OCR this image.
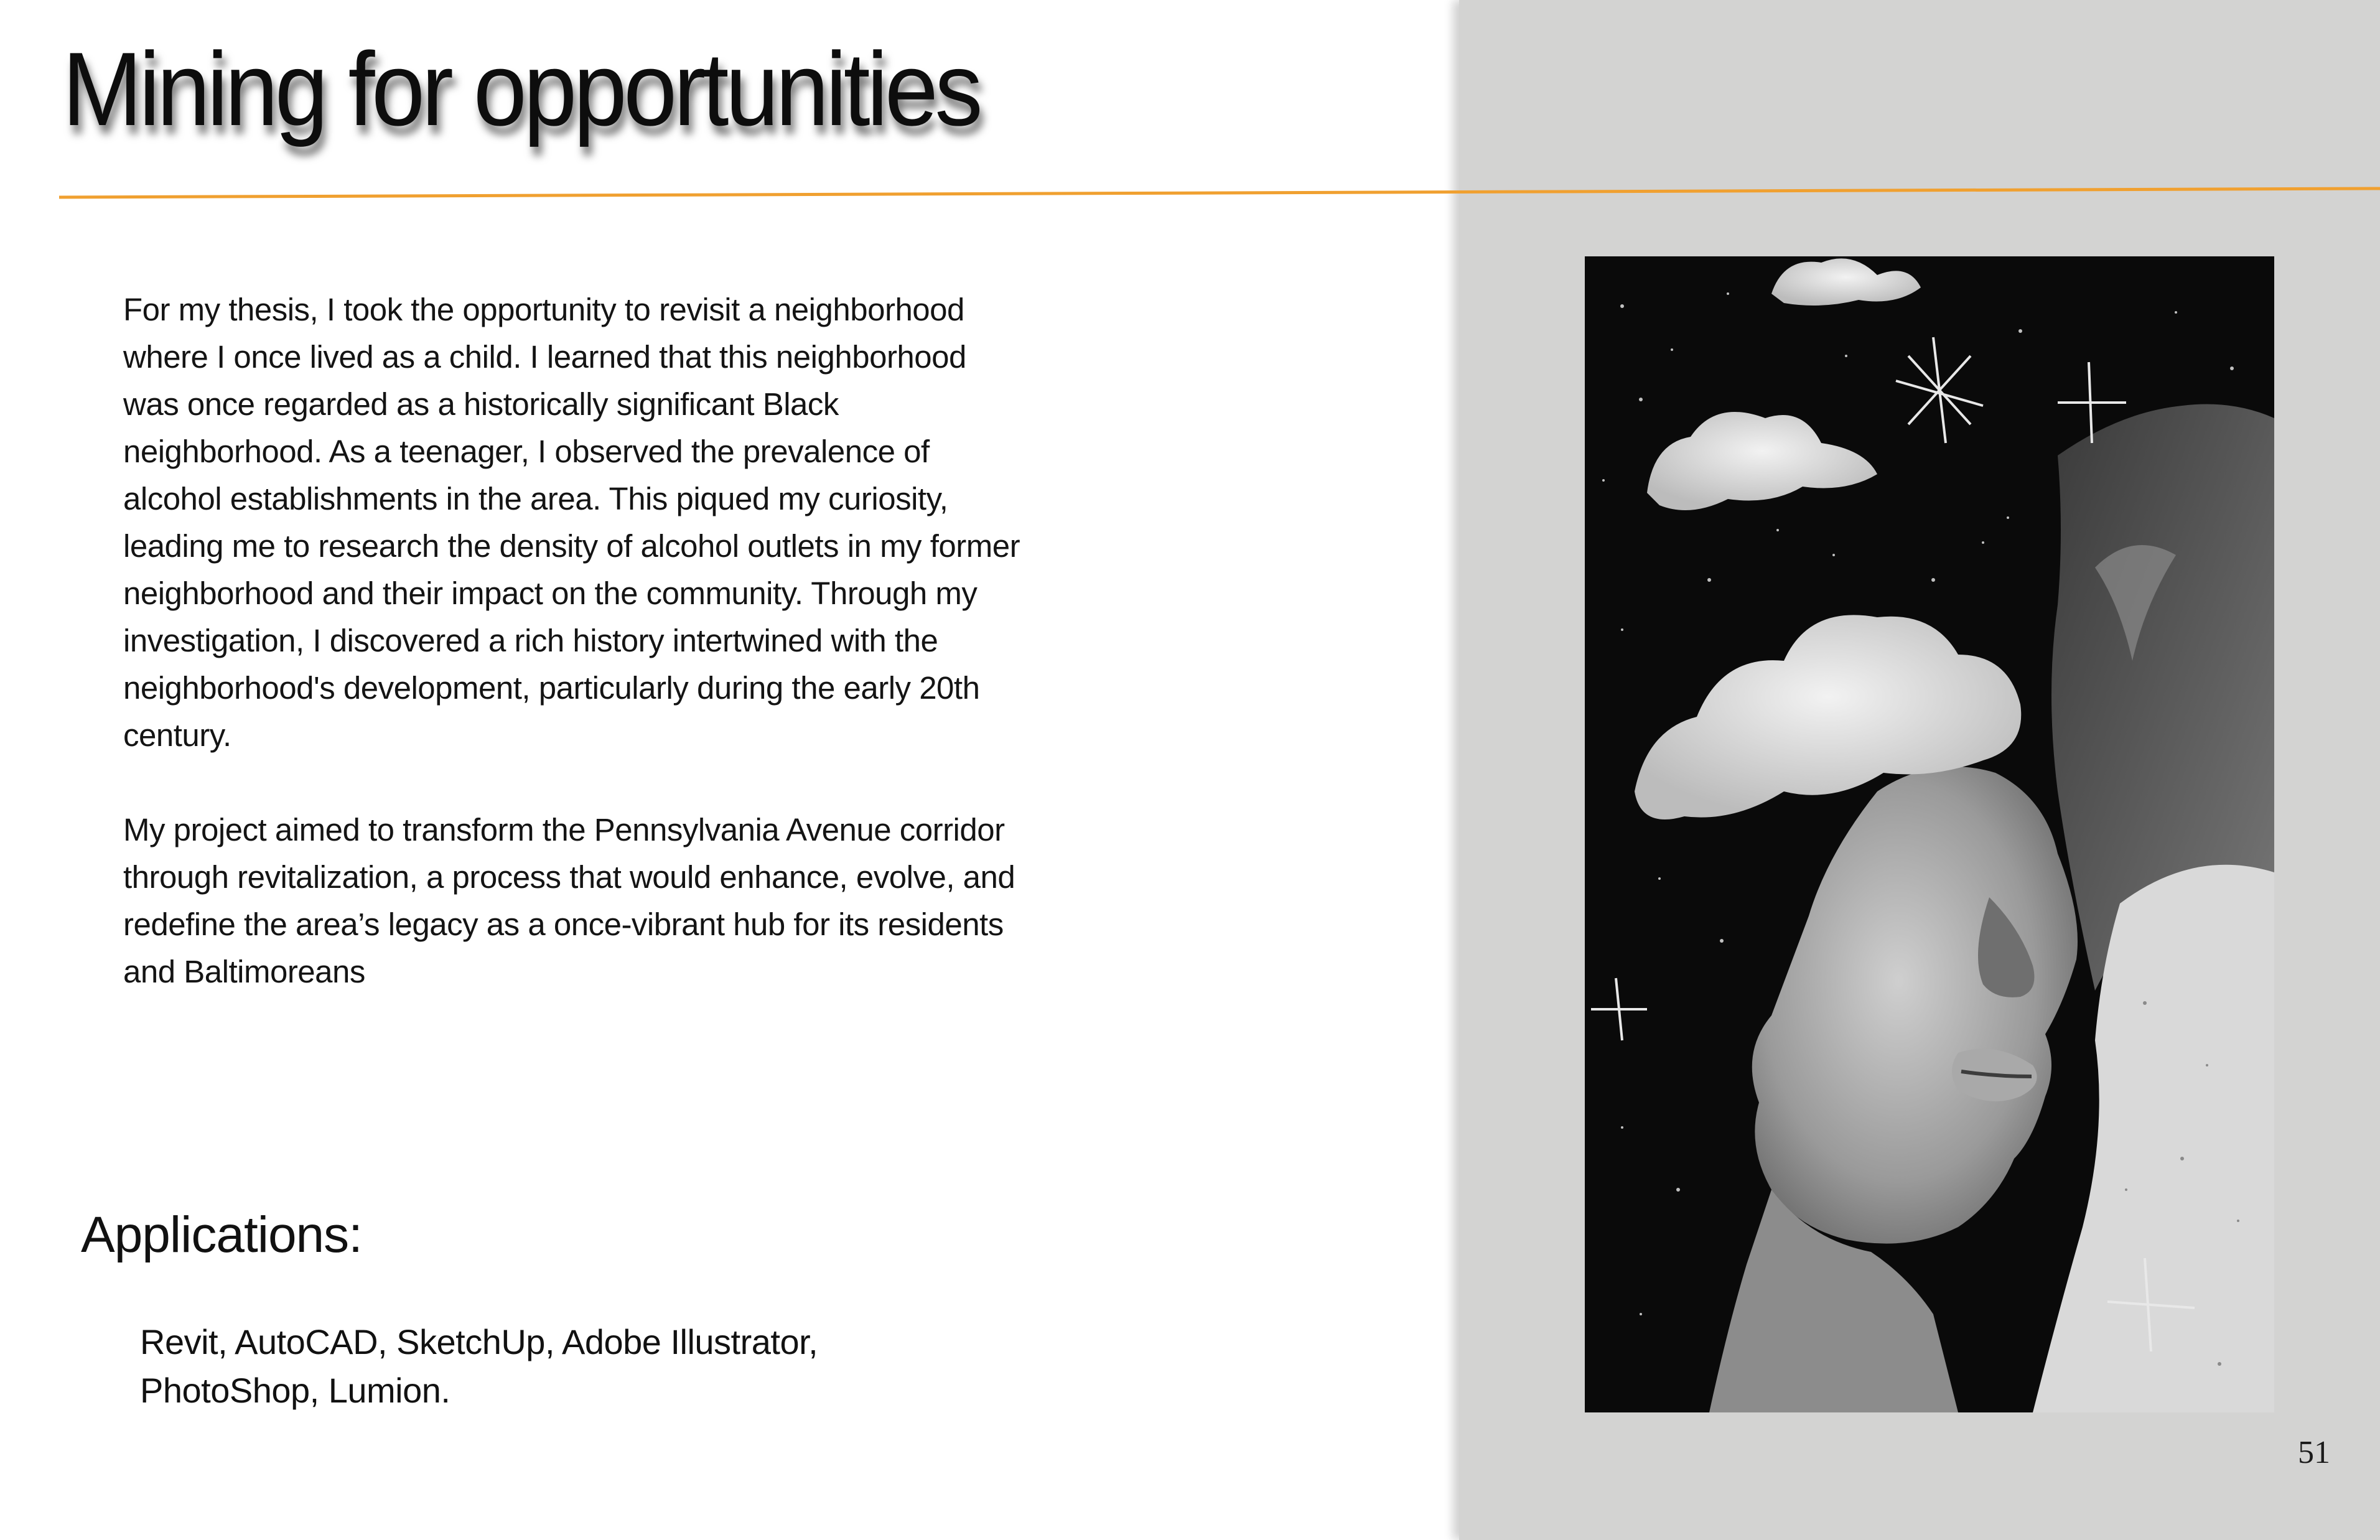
Mining for opportunities

For my thesis, I took the opportunity to revisit a neighborhood
where I once lived as a child. I learned that this neighborhood
was once regarded as a historically significant Black
neighborhood. As a teenager, I observed the prevalence of
alcohol establishments in the area. This piqued my curiosity,
leading me to research the density of alcohol outlets in my former
neighborhood and their impact on the community. Through my
investigation, I discovered a rich history intertwined with the
neighborhood's development, particularly during the early 20th
century.

My project aimed to transform the Pennsylvania Avenue corridor
through revitalization, a process that would enhance, evolve, and
redefine the area’s legacy as a once-vibrant hub for its residents
and Baltimoreans

Applications:
Revit, AutoCAD, SketchUp, Adobe Illustrator,
PhotoShop, Lumion.
51
